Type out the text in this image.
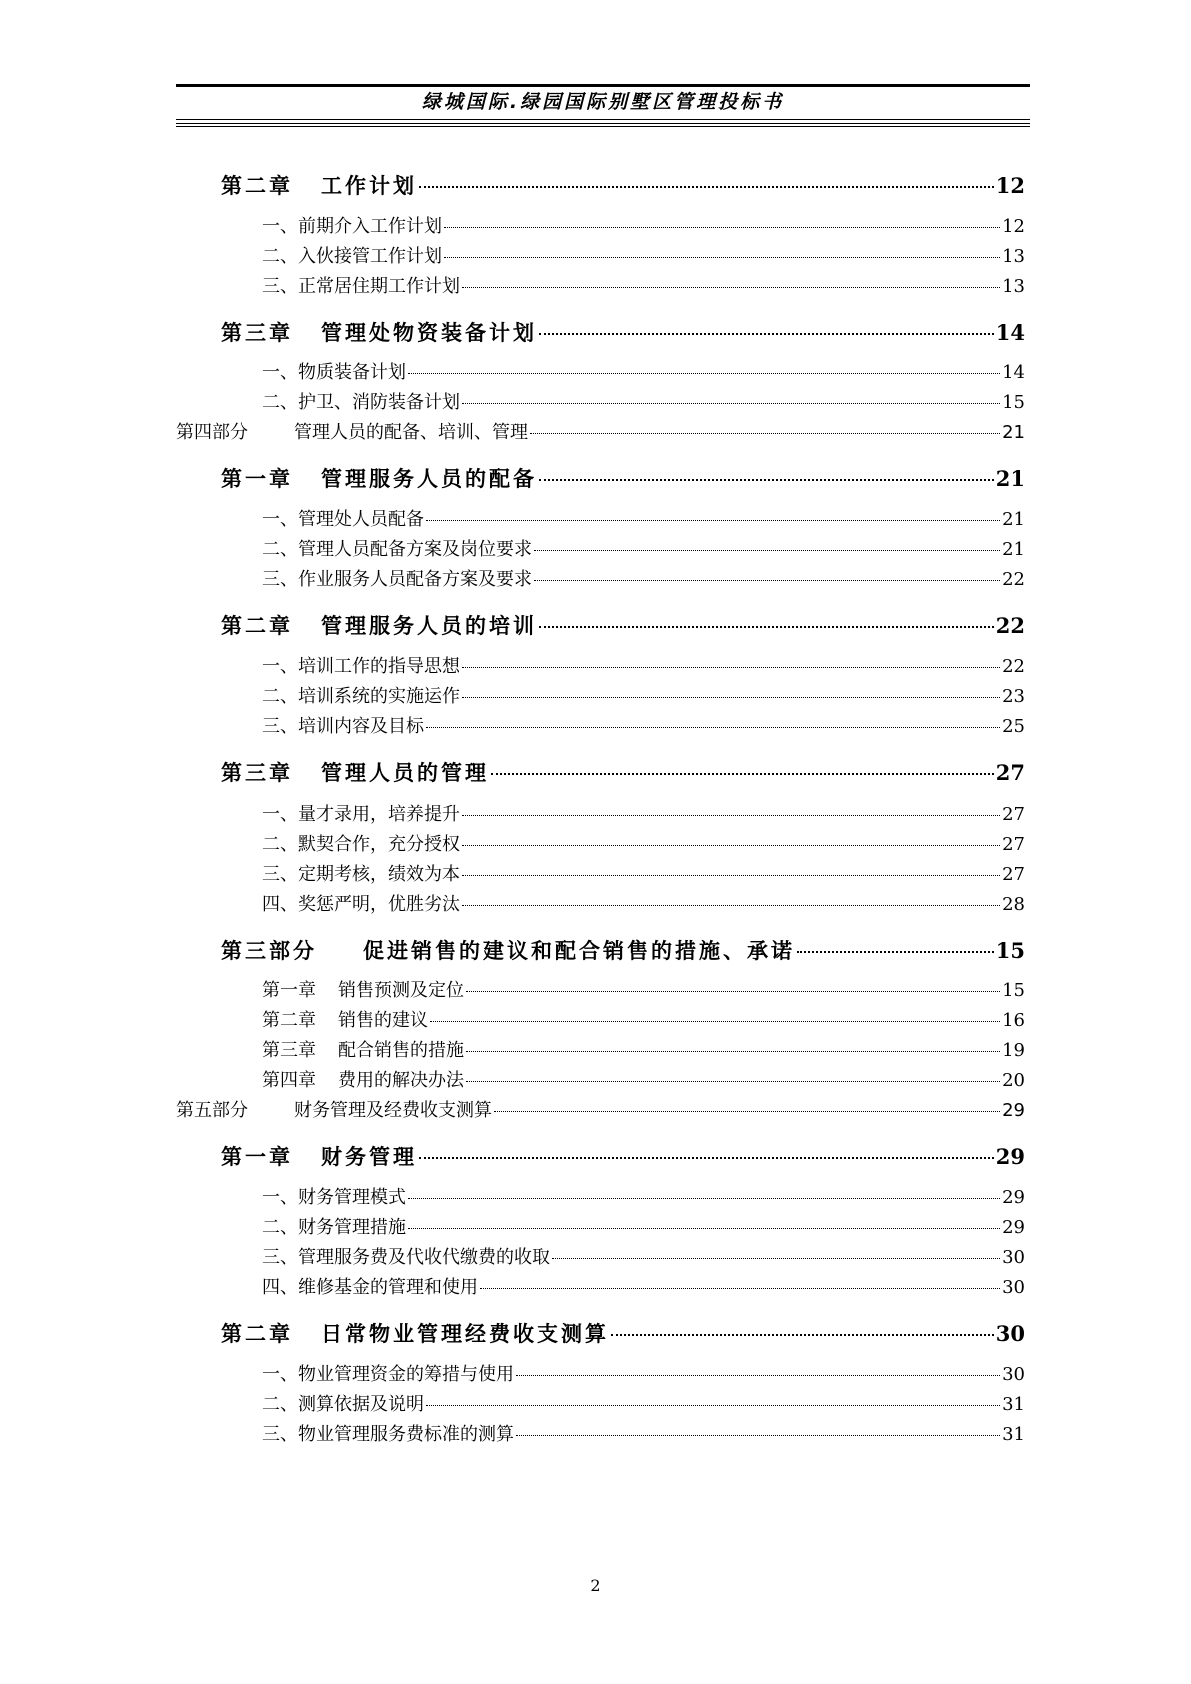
绿城国际.绿园国际别墅区管理投标书
第二章 工作计划	12
一、前期介入工作计划	12
二、入伙接管工作计划	13
三、正常居住期工作计划	13
第三章 管理处物资装备计划	14
一、物质装备计划	14
二、护卫、消防装备计划	15
第四部分	管理人员的配备、培训、管理	21
第一章 管理服务人员的配备	21
一、管理处人员配备	21
二、管理人员配备方案及岗位要求	21
三、作业服务人员配备方案及要求	22
第二章 管理服务人员的培训	22
一、培训工作的指导思想	22
二、培训系统的实施运作	23
三、培训内容及目标	25
第三章 管理人员的管理	27
一、量才录用，培养提升	27
二、默契合作，充分授权	27
三、定期考核，绩效为本	27
四、奖惩严明，优胜劣汰	28
第三部分 促进销售的建议和配合销售的措施、承诺	15
第一章 销售预测及定位	15
第二章 销售的建议	16
第三章 配合销售的措施	19
第四章 费用的解决办法	20
第五部分	财务管理及经费收支测算	29
第一章 财务管理	29
一、财务管理模式	29
二、财务管理措施	29
三、管理服务费及代收代缴费的收取	30
四、维修基金的管理和使用	30
第二章 日常物业管理经费收支测算	30
一、物业管理资金的筹措与使用	30
二、测算依据及说明	31
三、物业管理服务费标准的测算	31
2
